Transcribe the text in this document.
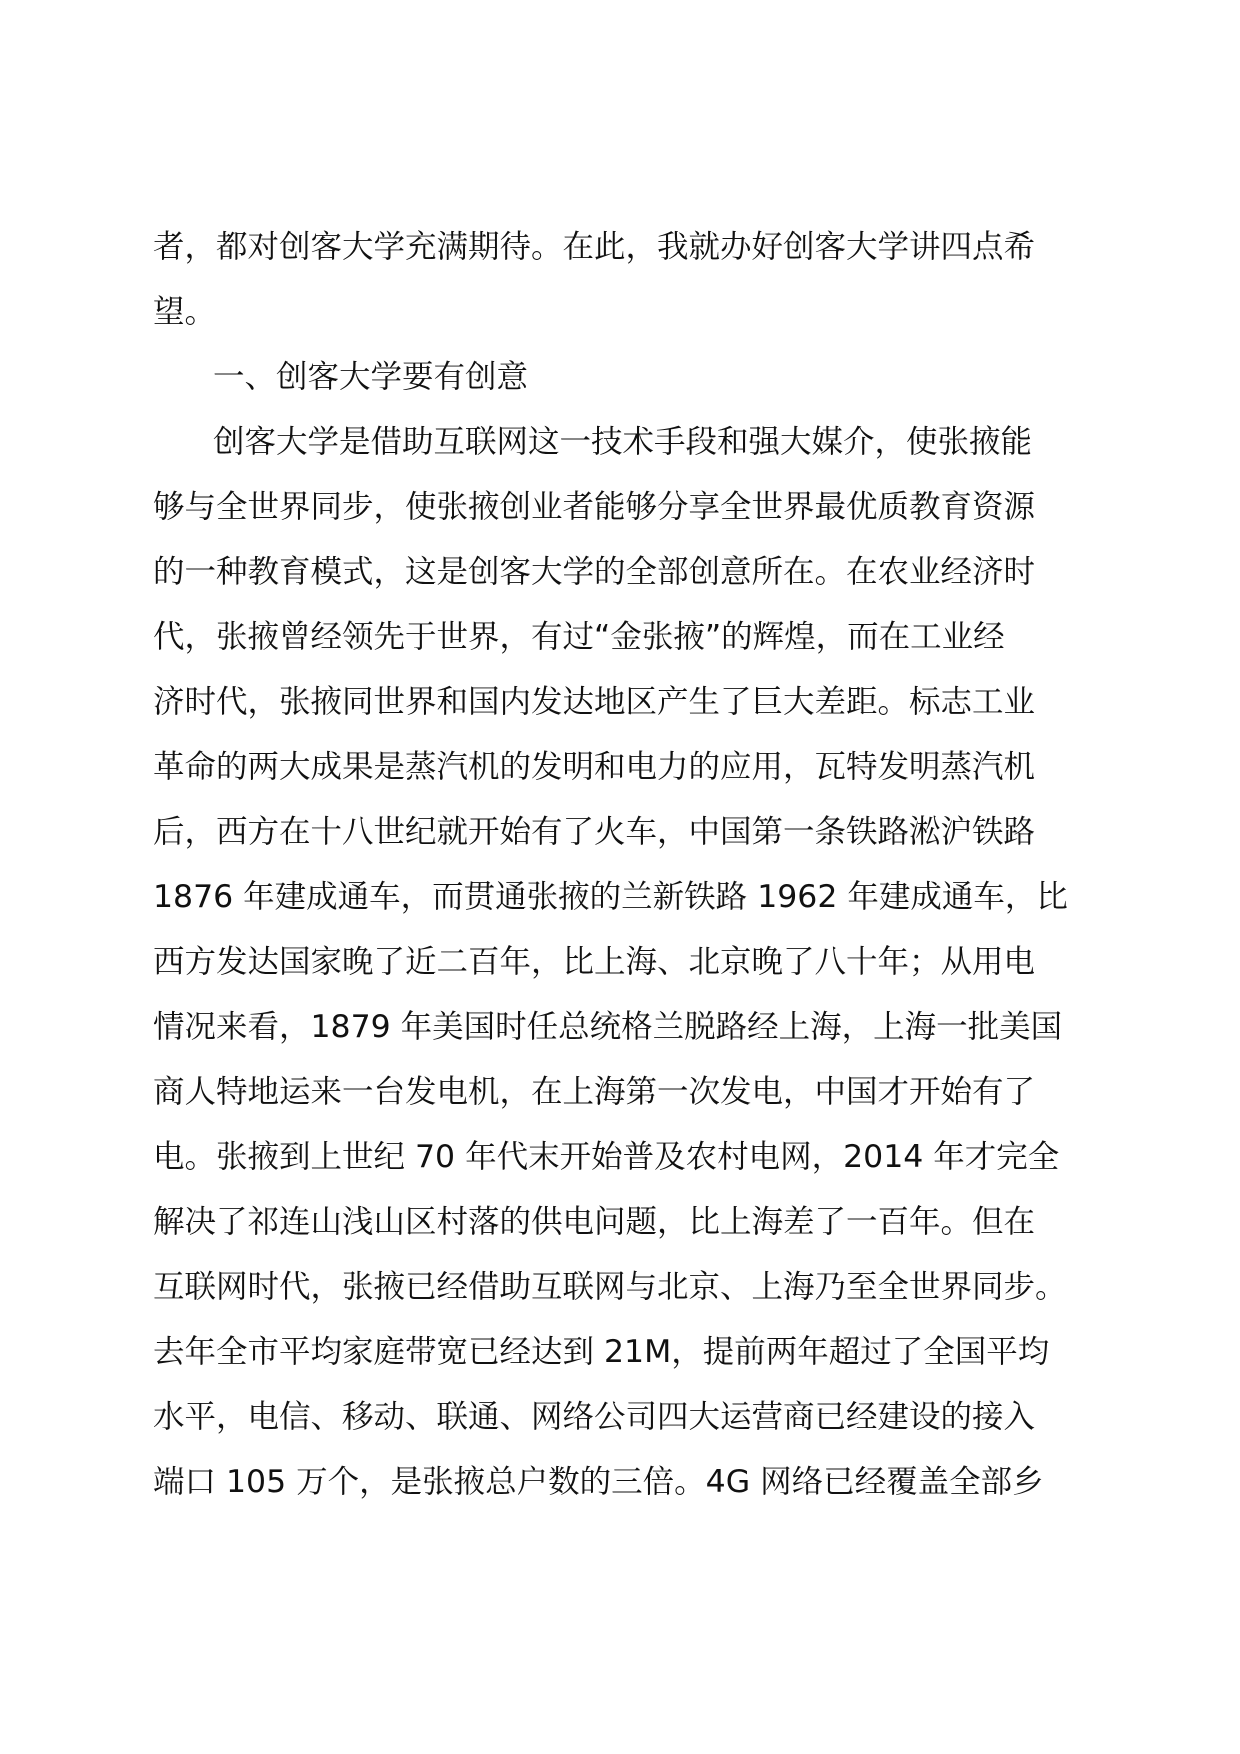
者，都对创客大学充满期待。在此，我就办好创客大学讲四点希
望。
一、创客大学要有创意
创客大学是借助互联网这一技术手段和强大媒介，使张掖能
够与全世界同步，使张掖创业者能够分享全世界最优质教育资源
的一种教育模式，这是创客大学的全部创意所在。在农业经济时
代，张掖曾经领先于世界，有过“金张掖”的辉煌，而在工业经
济时代，张掖同世界和国内发达地区产生了巨大差距。标志工业
革命的两大成果是蒸汽机的发明和电力的应用，瓦特发明蒸汽机
后，西方在十八世纪就开始有了火车，中国第一条铁路淞沪铁路
1876 年建成通车，而贯通张掖的兰新铁路 1962 年建成通车，比
西方发达国家晚了近二百年，比上海、北京晚了八十年；从用电
情况来看，1879 年美国时任总统格兰脱路经上海，上海一批美国
商人特地运来一台发电机，在上海第一次发电，中国才开始有了
电。张掖到上世纪 70 年代末开始普及农村电网，2014 年才完全
解决了祁连山浅山区村落的供电问题，比上海差了一百年。但在
互联网时代，张掖已经借助互联网与北京、上海乃至全世界同步。
去年全市平均家庭带宽已经达到 21M，提前两年超过了全国平均
水平，电信、移动、联通、网络公司四大运营商已经建设的接入
端口 105 万个，是张掖总户数的三倍。4G 网络已经覆盖全部乡
